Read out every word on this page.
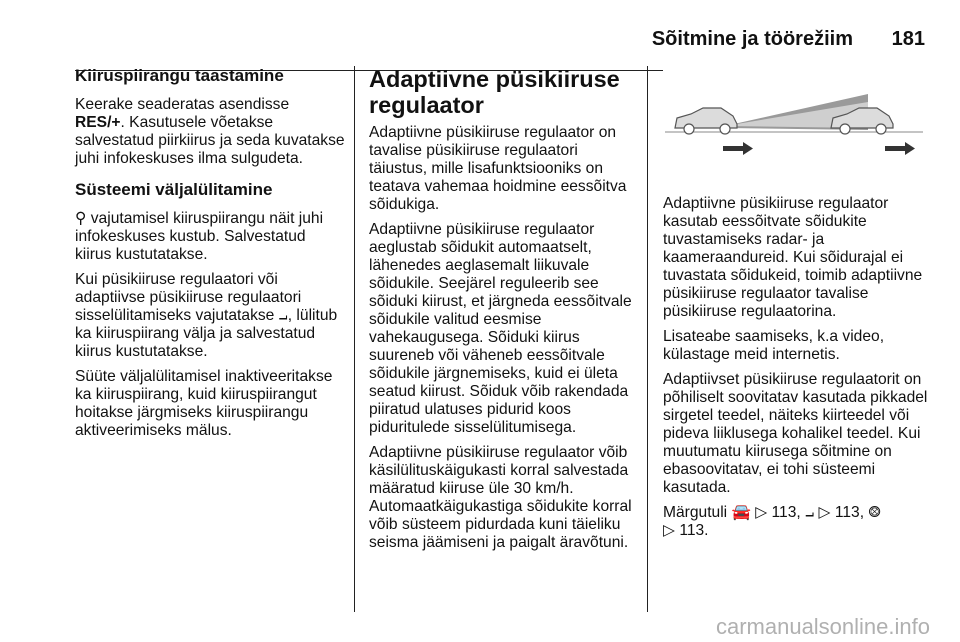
Sõitmine ja töörežiim 181
Kiiruspiirangu taastamine

Keerake seaderatas asendisse
RES/+. Kasutusele võetakse salvestatud piirkiirus ja seda kuvatakse juhi infokeskuses ilma sulgudeta.

Süsteemi väljalülitamine

⚲ vajutamisel kiiruspiirangu näit juhi infokeskuses kustub. Salvestatud kiirus kustutatakse.

Kui püsikiiruse regulaatori või adaptiivse püsikiiruse regulaatori sisselülitamiseks vajutatakse ⨼, lülitub ka kiiruspiirang välja ja salvestatud kiirus kustutatakse.

Süüte väljalülitamisel inaktiveeritakse ka kiiruspiirang, kuid kiiruspiirangut hoitakse järgmiseks kiiruspiirangu aktiveerimiseks mälus.

Adaptiivne püsikiiruse regulaator

Adaptiivne püsikiiruse regulaator on tavalise püsikiiruse regulaatori täiustus, mille lisafunktsiooniks on teatava vahemaa hoidmine eessõitva sõidukiga.

Adaptiivne püsikiiruse regulaator aeglustab sõidukit automaatselt, lähenedes aeglasemalt liikuvale sõidukile. Seejärel reguleerib see sõiduki kiirust, et järgneda eessõitvale sõidukile valitud eesmise vahekaugusega. Sõiduki kiirus suureneb või väheneb eessõitvale sõidukile järgnemiseks, kuid ei ületa seatud kiirust. Sõiduk võib rakendada piiratud ulatuses pidurid koos piduritulede sisselülitumisega.

Adaptiivne püsikiiruse regulaator võib käsilülituskäigukasti korral salvestada määratud kiiruse üle 30 km/h. Automaatkäigukastiga sõidukite korral võib süsteem pidurdada kuni täieliku seisma jäämiseni ja paigalt äravõtuni.

Adaptiivne püsikiiruse regulaator kasutab eessõitvate sõidukite tuvastamiseks radar- ja kaameraandureid. Kui sõidurajal ei tuvastata sõidukeid, toimib adaptiivne püsikiiruse regulaator tavalise püsikiiruse regulaatorina.

Lisateabe saamiseks, k.a video, külastage meid internetis.

Adaptiivset püsikiiruse regulaatorit on põhiliselt soovitatav kasutada pikkadel sirgetel teedel, näiteks kiirteedel või pideva liiklusega kohalikel teedel. Kui muutumatu kiirusega sõitmine on ebasoovitatav, ei tohi süsteemi kasutada.

Märgutuli 🚘 ▷ 113, ⨼ ▷ 113, ⨷
▷ 113.

carmanualsonline.info
